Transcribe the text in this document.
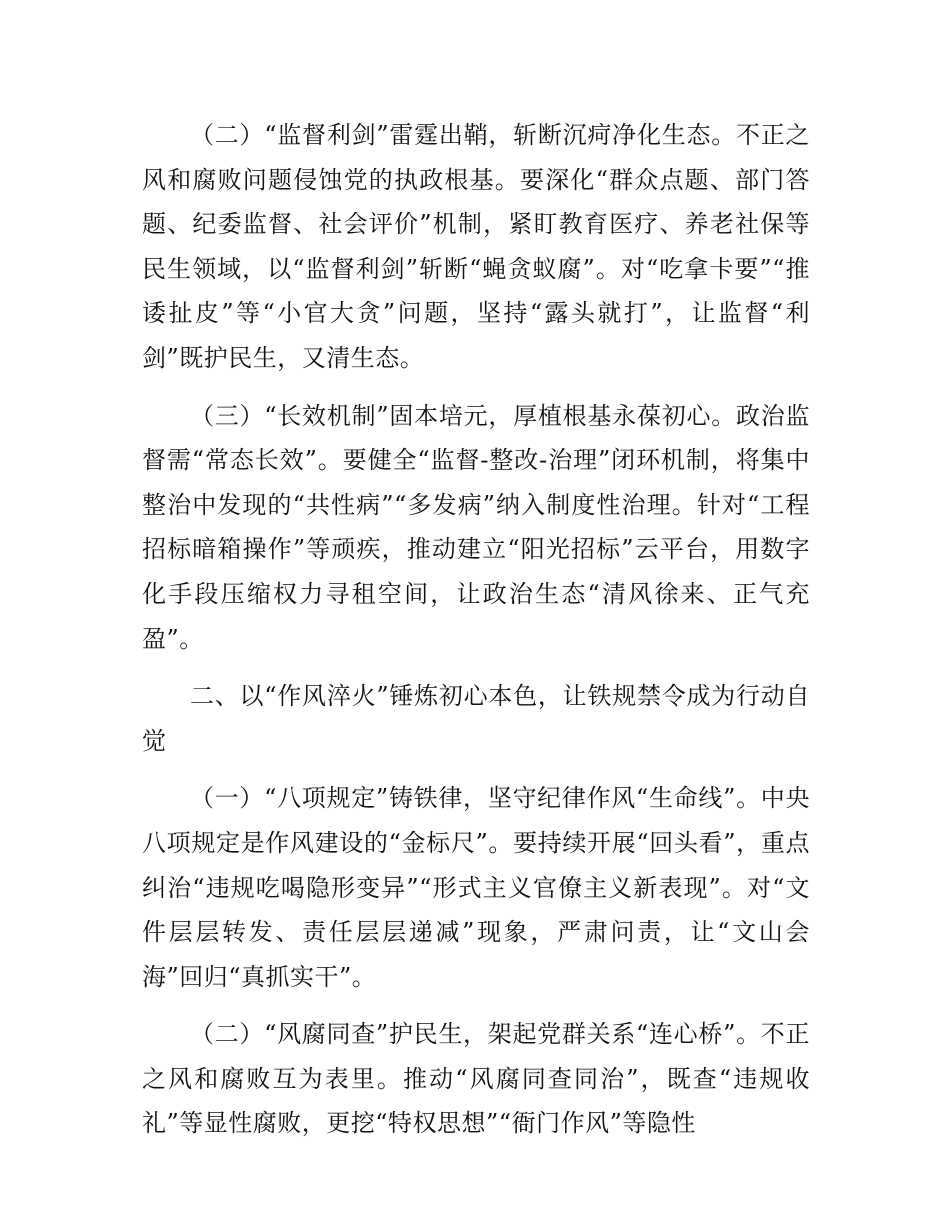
（二）“监督利剑”雷霆出鞘，斩断沉疴净化生态。不正之风和腐败问题侵蚀党的执政根基。要深化“群众点题、部门答题、纪委监督、社会评价”机制，紧盯教育医疗、养老社保等民生领域，以“监督利剑”斩断“蝇贪蚁腐”。对“吃拿卡要”“推诿扯皮”等“小官大贪”问题，坚持“露头就打”，让监督“利剑”既护民生，又清生态。

（三）“长效机制”固本培元，厚植根基永葆初心。政治监督需“常态长效”。要健全“监督-整改-治理”闭环机制，将集中整治中发现的“共性病”“多发病”纳入制度性治理。针对“工程招标暗箱操作”等顽疾，推动建立“阳光招标”云平台，用数字化手段压缩权力寻租空间，让政治生态“清风徐来、正气充盈”。

二、以“作风淬火”锤炼初心本色，让铁规禁令成为行动自觉

（一）“八项规定”铸铁律，坚守纪律作风“生命线”。中央八项规定是作风建设的“金标尺”。要持续开展“回头看”，重点纠治“违规吃喝隐形变异”“形式主义官僚主义新表现”。对“文件层层转发、责任层层递减”现象，严肃问责，让“文山会海”回归“真抓实干”。

（二）“风腐同查”护民生，架起党群关系“连心桥”。不正之风和腐败互为表里。推动“风腐同查同治”，既查“违规收礼”等显性腐败，更挖“特权思想”“衙门作风”等隐性
